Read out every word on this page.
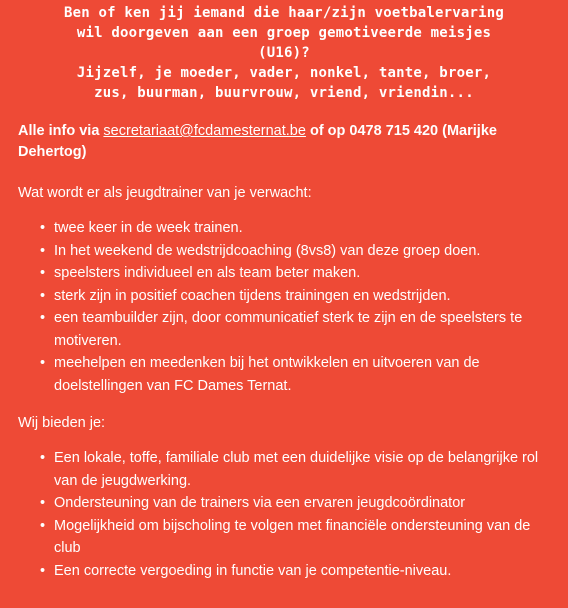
Ben of ken jij iemand die haar/zijn voetbalervaring
wil doorgeven aan een groep gemotiveerde meisjes
(U16)?
Jijzelf, je moeder, vader, nonkel, tante, broer,
zus, buurman, buurvrouw, vriend, vriendin...

Alle info via secretariaat@fcdamesternat.be of op 0478 715 420 (Marijke Dehertog)

Wat wordt er als jeugdtrainer van je verwacht:

• twee keer in de week trainen.
• In het weekend de wedstrijdcoaching (8vs8) van deze groep doen.
• speelsters individueel en als team beter maken.
• sterk zijn in positief coachen tijdens trainingen en wedstrijden.
• een teambuilder zijn, door communicatief sterk te zijn en de speelsters te motiveren.
• meehelpen en meedenken bij het ontwikkelen en uitvoeren van de doelstellingen van FC Dames Ternat.

Wij bieden je:

• Een lokale, toffe, familiale club met een duidelijke visie op de belangrijke rol van de jeugdwerking.
• Ondersteuning van de trainers via een ervaren jeugdcoördinator
• Mogelijkheid om bijscholing te volgen met financiële ondersteuning van de club
• Een correcte vergoeding in functie van je competentie-niveau.
